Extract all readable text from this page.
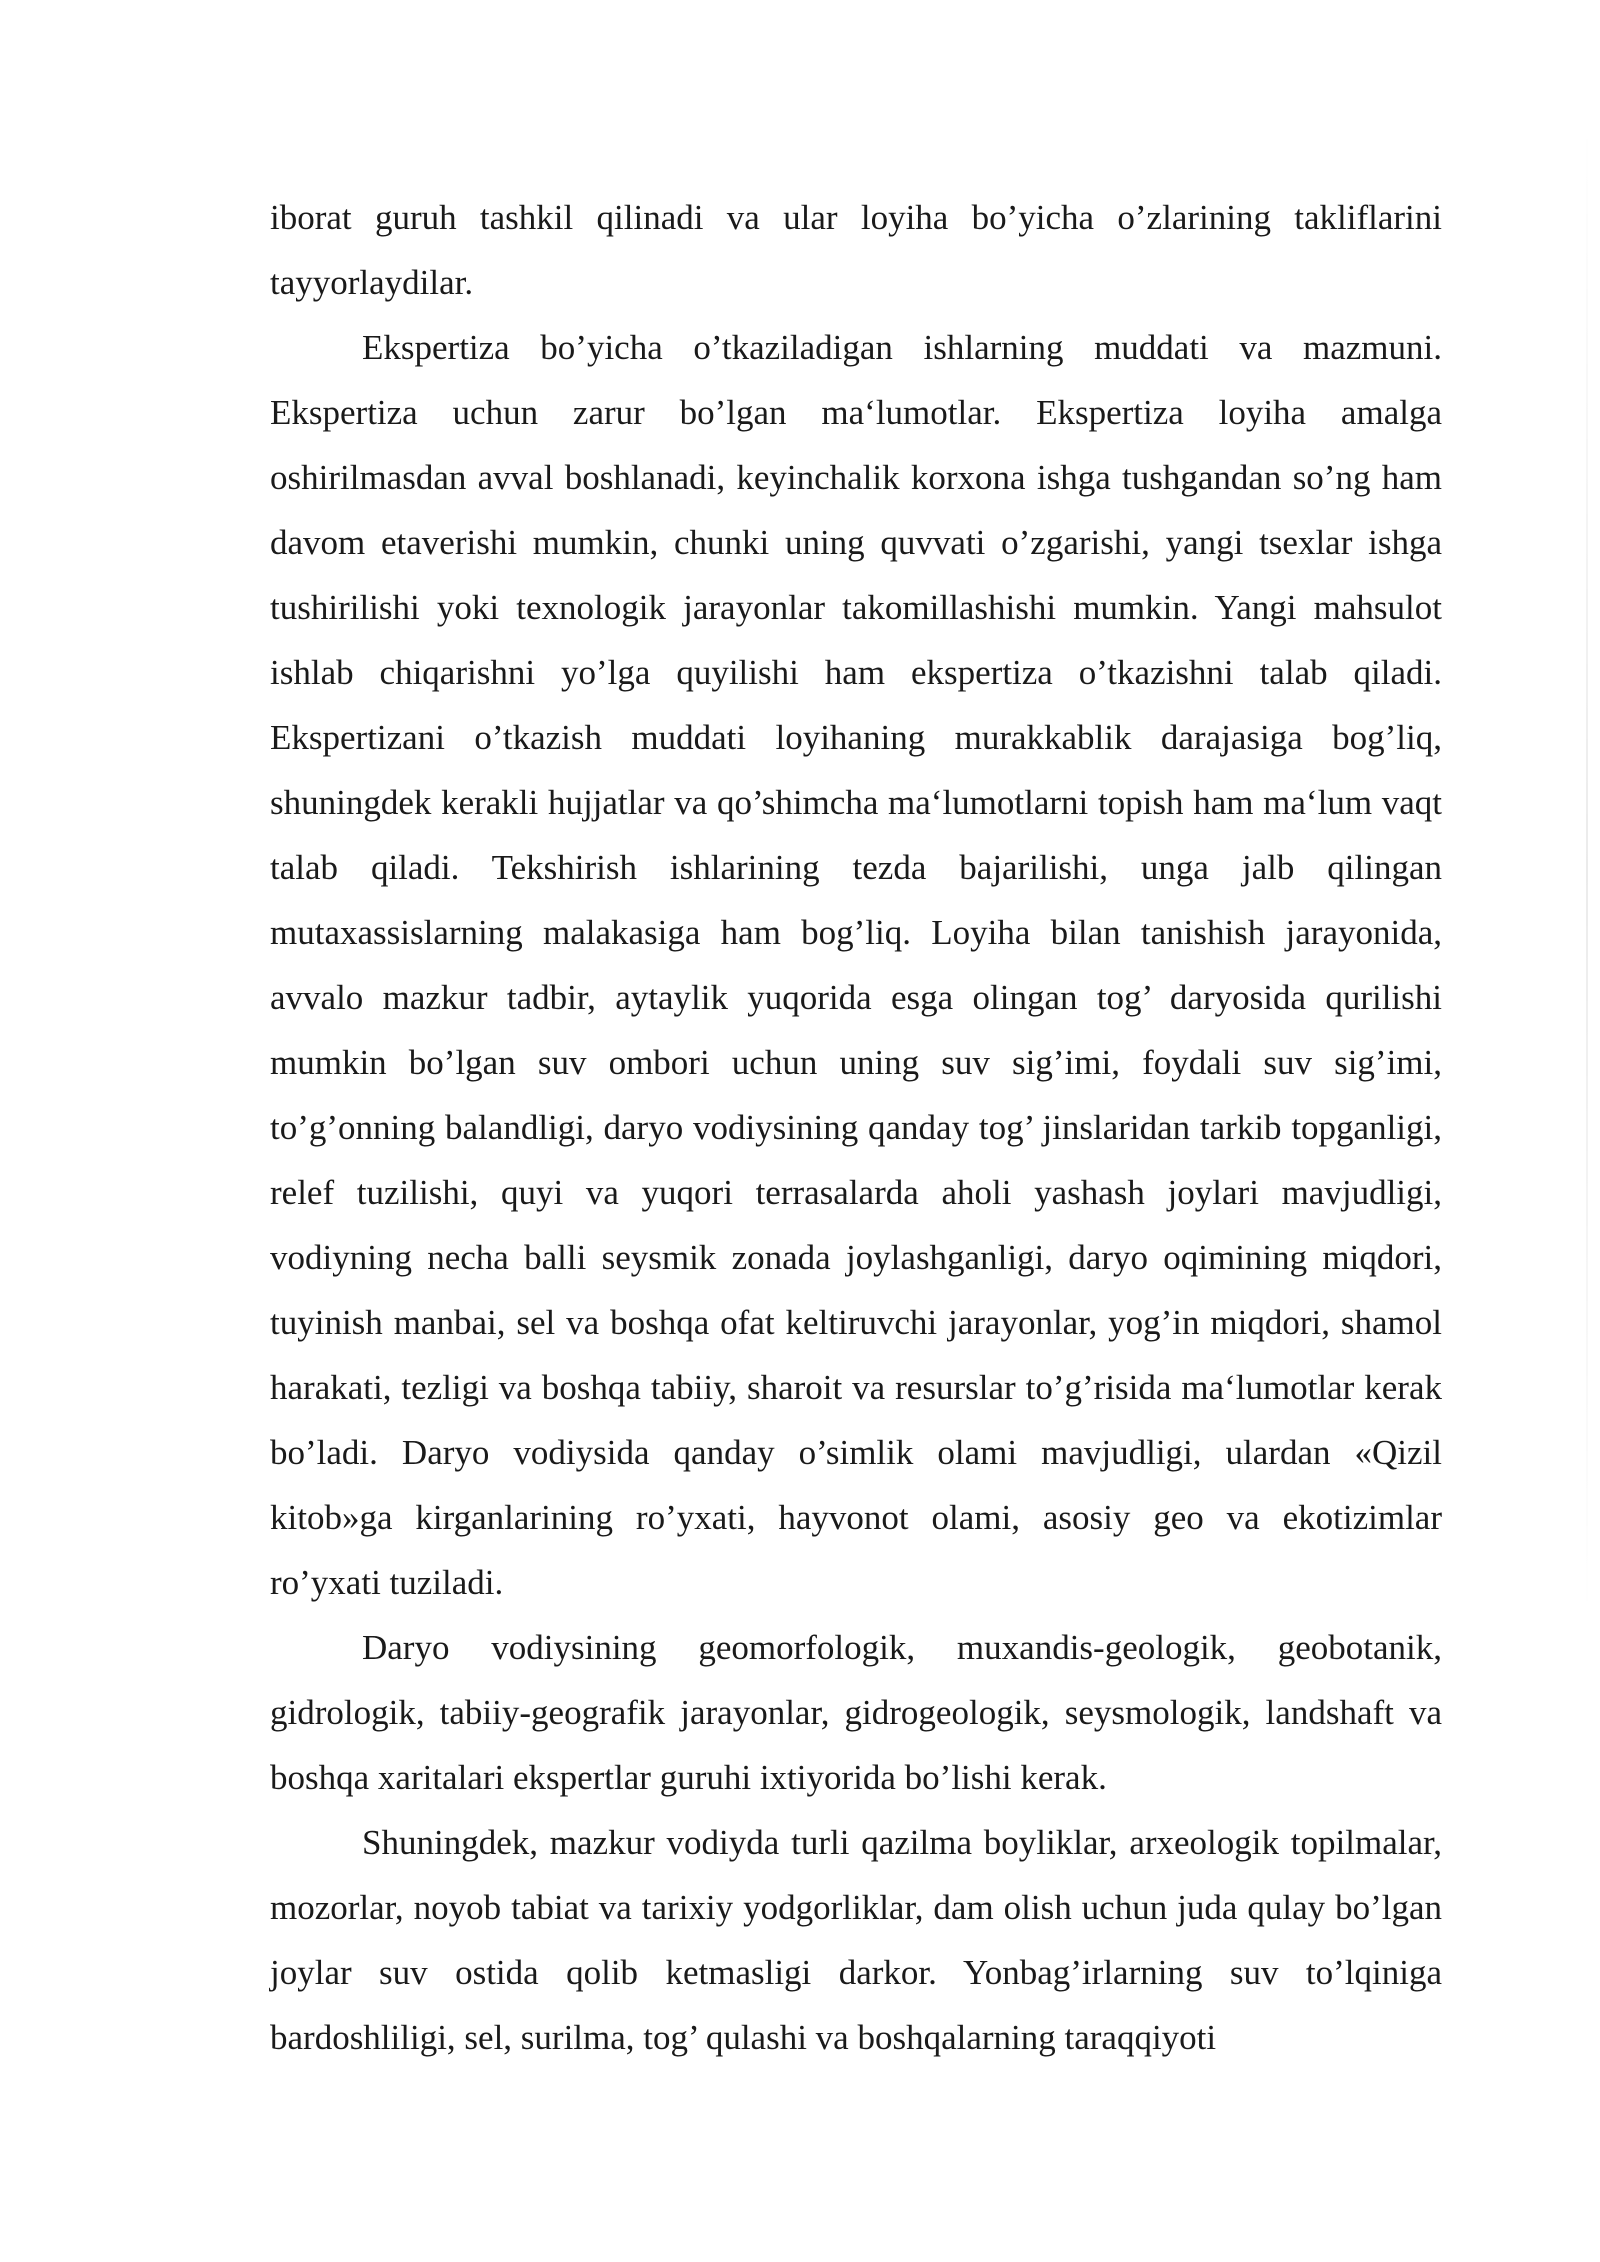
iborat guruh tashkil qilinadi va ular loyiha bo’yicha o’zlarining takliflarini tayyorlaydilar.

Ekspertiza bo’yicha o’tkaziladigan ishlarning muddati va mazmuni. Ekspertiza uchun zarur bo’lgan ma‘lumotlar. Ekspertiza loyiha amalga oshirilmasdan avval boshlanadi, keyinchalik korxona ishga tushgandan so’ng ham davom etaverishi mumkin, chunki uning quvvati o’zgarishi, yangi tsexlar ishga tushirilishi yoki texnologik jarayonlar takomillashishi mumkin. Yangi mahsulot ishlab chiqarishni yo’lga quyilishi ham ekspertiza o’tkazishni talab qiladi. Ekspertizani o’tkazish muddati loyihaning murakkablik darajasiga bog’liq, shuningdek kerakli hujjatlar va qo’shimcha ma‘lumotlarni topish ham ma‘lum vaqt talab qiladi. Tekshirish ishlarining tezda bajarilishi, unga jalb qilingan mutaxassislarning malakasiga ham bog’liq. Loyiha bilan tanishish jarayonida, avvalo mazkur tadbir, aytaylik yuqorida esga olingan tog’ daryosida qurilishi mumkin bo’lgan suv ombori uchun uning suv sig’imi, foydali suv sig’imi, to’g’onning balandligi, daryo vodiysining qanday tog’ jinslaridan tarkib topganligi, relef tuzilishi, quyi va yuqori terrasalarda aholi yashash joylari mavjudligi, vodiyning necha balli seysmik zonada joylashganligi, daryo oqimining miqdori, tuyinish manbai, sel va boshqa ofat keltiruvchi jarayonlar, yog’in miqdori, shamol harakati, tezligi va boshqa tabiiy, sharoit va resurslar to’g’risida ma‘lumotlar kerak bo’ladi. Daryo vodiysida qanday o’simlik olami mavjudligi, ulardan «Qizil kitob»ga kirganlarining ro’yxati, hayvonot olami, asosiy geo va ekotizimlar ro’yxati tuziladi.

Daryo vodiysining geomorfologik, muxandis-geologik, geobotanik, gidrologik, tabiiy-geografik jarayonlar, gidrogeologik, seysmologik, landshaft va boshqa xaritalari ekspertlar guruhi ixtiyorida bo’lishi kerak.

Shuningdek, mazkur vodiyda turli qazilma boyliklar, arxeologik topilmalar, mozorlar, noyob tabiat va tarixiy yodgorliklar, dam olish uchun juda qulay bo’lgan joylar suv ostida qolib ketmasligi darkor. Yonbag’irlarning suv to’lqiniga bardoshliligi, sel, surilma, tog’ qulashi va boshqalarning taraqqiyoti
